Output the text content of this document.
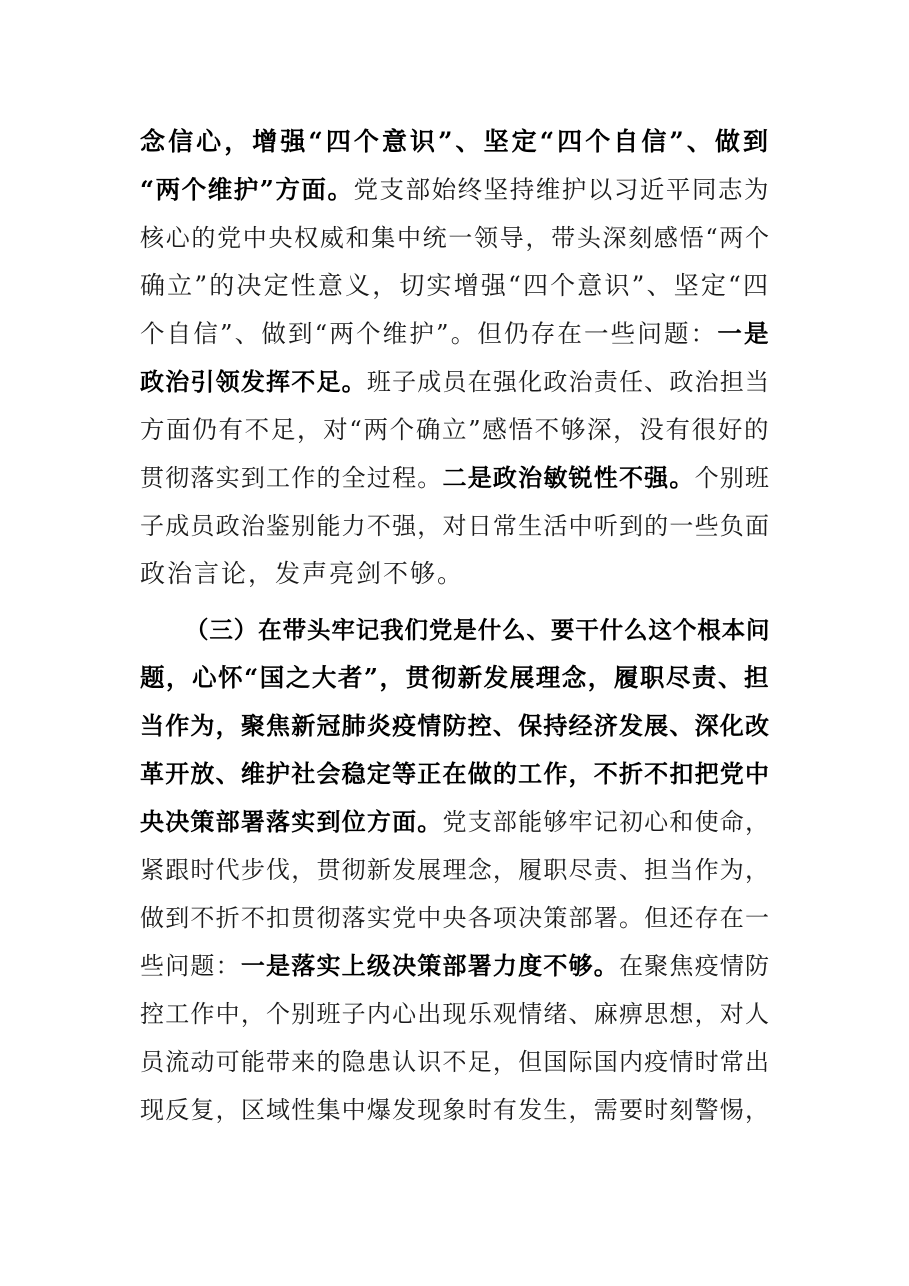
念信心，增强“四个意识”、坚定“四个自信”、做到
“两个维护”方面。党支部始终坚持维护以习近平同志为
核心的党中央权威和集中统一领导，带头深刻感悟“两个
确立”的决定性意义，切实增强“四个意识”、坚定“四
个自信”、做到“两个维护”。但仍存在一些问题：一是
政治引领发挥不足。班子成员在强化政治责任、政治担当
方面仍有不足，对“两个确立”感悟不够深，没有很好的
贯彻落实到工作的全过程。二是政治敏锐性不强。个别班
子成员政治鉴别能力不强，对日常生活中听到的一些负面
政治言论，发声亮剑不够。
（三）在带头牢记我们党是什么、要干什么这个根本问
题，心怀“国之大者”，贯彻新发展理念，履职尽责、担
当作为，聚焦新冠肺炎疫情防控、保持经济发展、深化改
革开放、维护社会稳定等正在做的工作，不折不扣把党中
央决策部署落实到位方面。党支部能够牢记初心和使命，
紧跟时代步伐，贯彻新发展理念，履职尽责、担当作为，
做到不折不扣贯彻落实党中央各项决策部署。但还存在一
些问题：一是落实上级决策部署力度不够。在聚焦疫情防
控工作中，个别班子内心出现乐观情绪、麻痹思想，对人
员流动可能带来的隐患认识不足，但国际国内疫情时常出
现反复，区域性集中爆发现象时有发生，需要时刻警惕，
